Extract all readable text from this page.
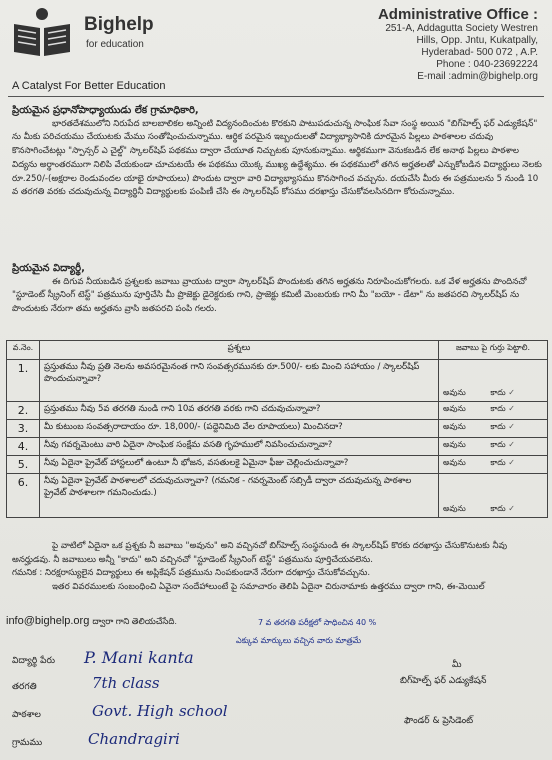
Bighelp
for education
A Catalyst For Better Education
Administrative Office :
251-A, Addagutta Society Westren
Hills, Opp. Jntu, Kukatpally,
Hyderabad- 500 072 , A.P.
Phone : 040-23692224
E-mail :admin@bighelp.org
ప్రియమైన ప్రధానోపాధ్యాయుడు లేక గ్రామాధికారి,
భారతదేశములోని నిరుపేద బాలబాలికల అన్నింటి విద్యనందించుట కొరకుని పాటుపడుచున్న సాంఘిక సేవా సంస్థ అయిన "బిగ్‌హెల్ప్ ఫర్ ఎడ్యుకేషన్" ను మీకు పరిచయము చేయుటకు మేము సంతోషించుచున్నాము. ఆర్థిక పరమైన ఇబ్బందులతో విద్యాభ్యాసానికి దూరమైన పిల్లలు పాఠశాలల చదువు కొనసాగించేటట్లు "స్పాన్సర్ ఎ చైల్డ్" స్కాలర్‌షిప్ పథకము ద్వారా చేయూత నిచ్చుటకు పూనుకున్నాము. ఆర్థికముగా వెనుకబడిన లేక అనాథ పిల్లలు పాఠశాల విద్యను అర్థాంతరముగా నిలిపి వేయకుండా చూచుటయే ఈ పథకము యొక్క ముఖ్య ఉద్దేశ్యము. ఈ పథకములో తగిన అర్హతలతో ఎన్నుకోబడిన విద్యార్థులు నెలకు రూ.250/-(అక్షరాల రెండువందల యాభై రూపాయలు) పొందుట ద్వారా వారి విద్యాభ్యాసము కొనసాగించ వచ్చును. దయచేసి మీరు ఈ పత్రములను 5 నుండి 10 వ తరగతి వరకు చదువుచున్న విద్యార్థినీ విద్యార్థులకు పంపిణీ చేసి ఈ స్కాలర్‌షిప్ కోసము దరఖాస్తు చేసుకోవలసినదిగా కోరుచున్నాము.
ప్రియమైన విద్యార్థీ,
ఈ దిగువ నీయబడిన ప్రశ్నలకు జవాబు వ్రాయుట ద్వారా స్కాలర్‌షిప్ పొందుటకు తగిన అర్హతను నిరూపించుకోగలరు. ఒక వేళ అర్హతను పొందినచో "స్టూడెంట్ స్క్రీనింగ్ టెస్ట్" పత్రమును పూర్తిచేసి మీ ప్రొజెక్టు డైరెక్టరుకు గాని, ప్రాజెక్టు కమిటీ మెంబరుకు గాని మీ "బయో - డేటా" ను జతపరచి స్కాలర్‌షిప్ ను పొందుటకు నేరుగా తమ అర్హతను వ్రాసి జతపరచి పంపి గలరు.
వ.నెం.	ప్రశ్నలు	జవాబు పై గుర్తు పెట్టాలి.
1.	ప్రస్తుతము నీవు ప్రతి నెలను అవసరమైనంత గాని సంవత్సరమునకు రూ.500/- లకు మించి సహాయం / స్కాలర్‌షిప్ పొందుచున్నావా?	అవును కాదు ✓
2.	ప్రస్తుతము నీవు 5వ తరగతి నుండి గాని 10వ తరగతి వరకు గాని చదువుచున్నావా?	అవును కాదు ✓
3.	మీ కుటుంబ సంవత్సరాదాయం రూ. 18,000/- (పద్దెనిమిది వేల రూపాయలు) మించినదా?	అవును కాదు ✓
4.	నీవు గవర్నమెంటు వారి ఏదైనా సాంఘిక సంక్షేమ వసతి గృహములో నివసించుచున్నావా?	అవును కాదు ✓
5.	నీవు ఏదైనా ప్రైవేట్ హాస్టలులో ఉంటూ నీ భోజన, వసతులకై ఏమైనా ఫీజు చెల్లించుచున్నావా?	అవును కాదు ✓
6.	నీవు ఏదైనా ప్రైవేట్ పాఠశాలలో చదువుచున్నావా? (గమనిక - గవర్నమెంట్ సబ్సిడీ ద్వారా చదువుచున్న పాఠశాల ప్రైవేట్ పాఠశాలగా గమనించుడు.)	అవును కాదు ✓
పై వాటిలో ఏదైనా ఒక ప్రశ్నకు నీ జవాబు "అవును" అని వచ్చినచో బిగ్‌హెల్ప్ సంస్థనుండి ఈ స్కాలర్‌షిప్ కొరకు దరఖాస్తు చేసుకొనుటకు నీవు అనర్హుడవు. నీ జవాబులు అన్నీ "కాదు" అని వచ్చినచో "స్టూడెంట్ స్క్రీనింగ్ టెస్ట్" పత్రమును పూర్తిచేయవలెను.
గమనిక : నిరక్షరాస్యులైన విద్యార్థులు ఈ అప్లికేషన్ పత్రమును నింపకుండానే నేరుగా దరఖాస్తు చేసుకోవచ్చును.
ఇతర వివరములకు సంబంధించి ఏవైనా సందేహాలుంటే పై సమాచారం తెలిపి ఏదైనా చిరునామాకు ఉత్తరము ద్వారా గాని, ఈ-మెయిల్
info@bighelp.org ద్వారా గాని తెలియచేసేది.	7 వ తరగతి పరీక్షలో సాధించిన 40 %
ఎక్కువ మార్కులు వచ్చిన వారు మాత్రమే
విద్యార్థి పేరు P. Mani kanta
తరగతి	7th class
పాఠశాల	Govt. High school
గ్రామము	Chandragiri
మీ
బిగ్‌హెల్ప్ ఫర్ ఎడ్యుకేషన్
ఫౌండర్ & ప్రెసిడెంట్
